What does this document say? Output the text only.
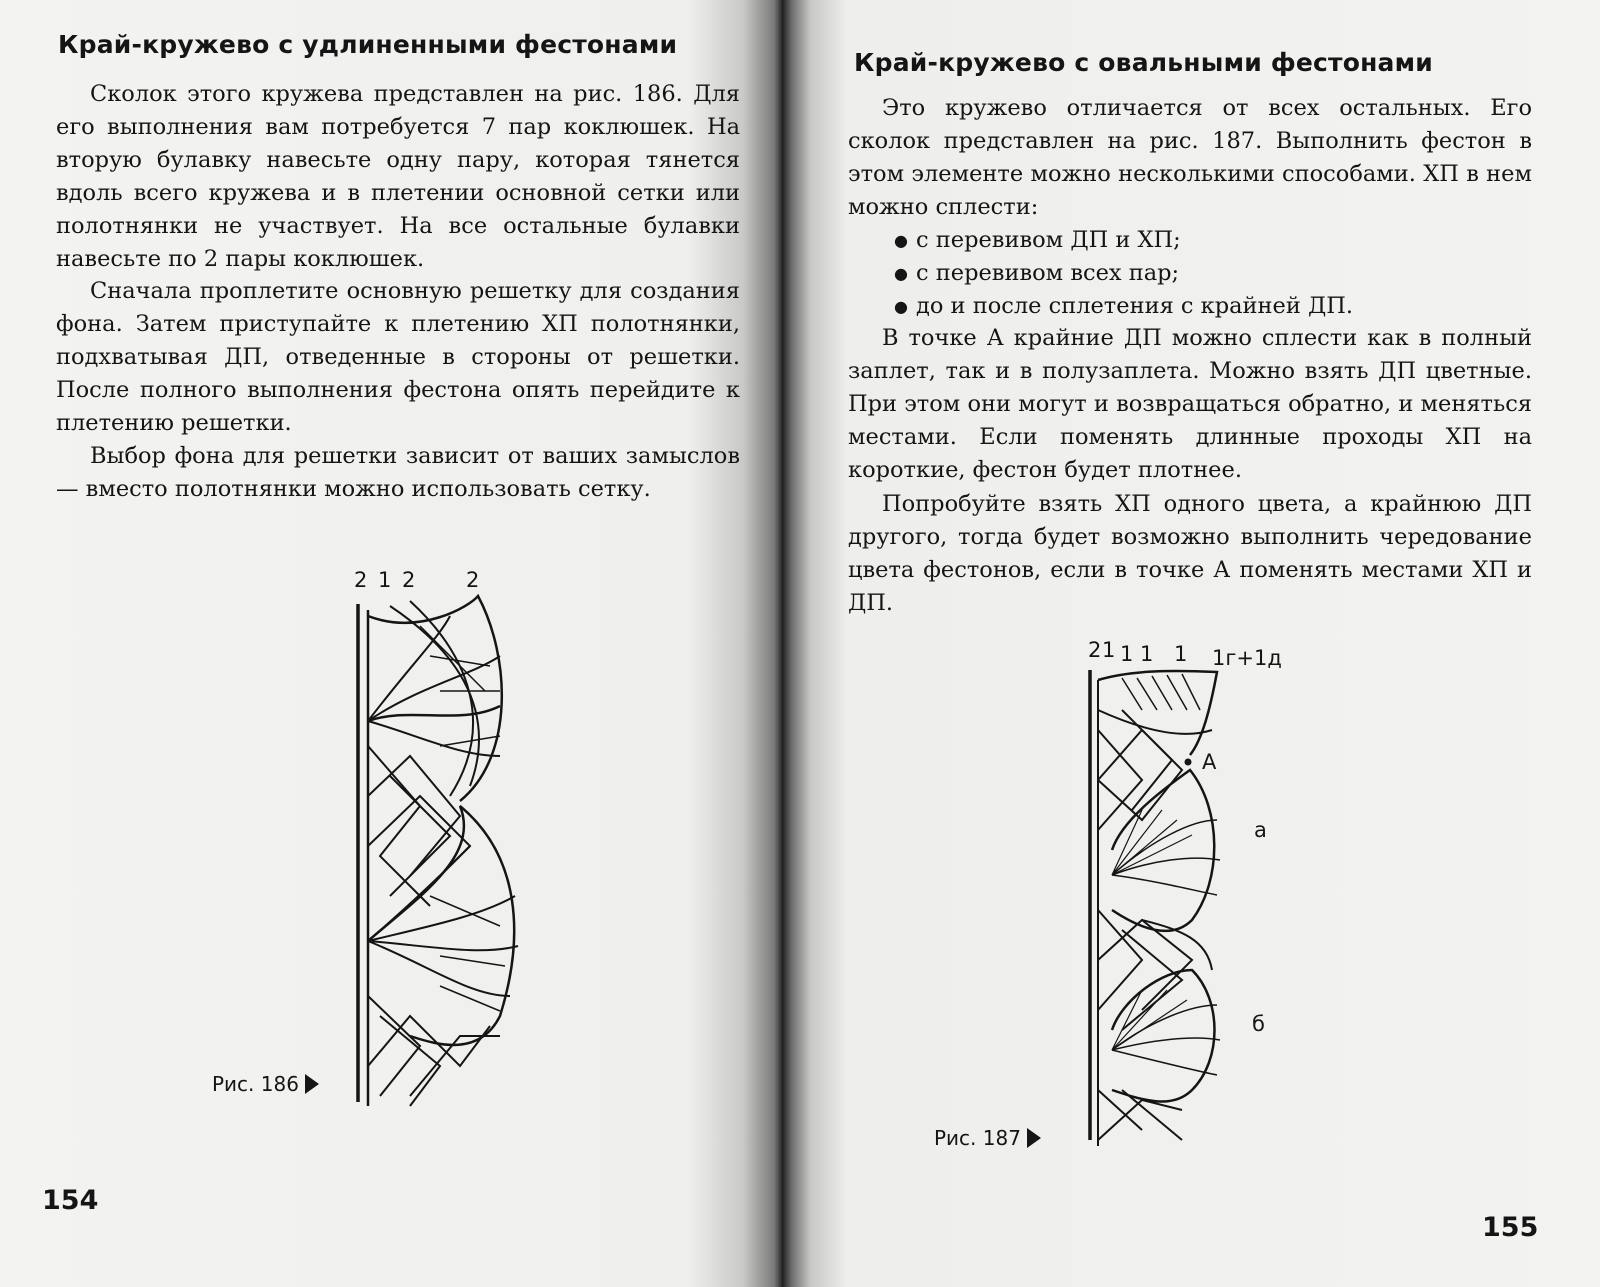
Край-кружево с удлиненными фестонами

Сколок этого кружева представлен на рис. 186. Для его выполнения вам потребуется 7 пар коклюшек. На вторую булавку навесьте одну пару, которая тянется вдоль всего кружева и в плетении основной сетки или полотнянки не участвует. На все остальные булавки навесьте по 2 пары коклюшек.

Сначала проплетите основную решетку для создания фона. Затем приступайте к плетению ХП полотнянки, подхватывая ДП, отведенные в стороны от решетки. После полного выполнения фестона опять перейдите к плетению решетки.

Выбор фона для решетки зависит от ваших замыслов — вместо полотнянки можно использовать сетку.

2 1 2 2
Рис. 186
154
Край-кружево с овальными фестонами

Это кружево отличается от всех остальных. Его сколок представлен на рис. 187. Выполнить фестон в этом элементе можно несколькими способами. ХП в нем можно сплести:

● с перевивом ДП и ХП;
● с перевивом всех пар;
● до и после сплетения с крайней ДП.

В точке А крайние ДП можно сплести как в полный заплет, так и в полузаплета. Можно взять ДП цветные. При этом они могут и возвращаться обратно, и меняться местами. Если поменять длинные проходы ХП на короткие, фестон будет плотнее.

Попробуйте взять ХП одного цвета, а крайнюю ДП другого, тогда будет возможно выполнить чередование цвета фестонов, если в точке А поменять местами ХП и ДП.

2 1 1 1 1 1г+1д
А
а
б
Рис. 187
155
